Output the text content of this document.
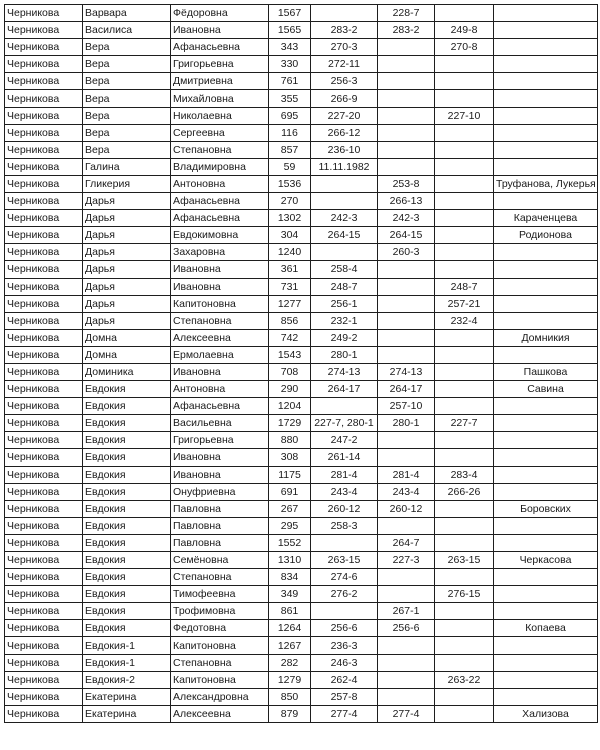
Черникова	Варвара	Фёдоровна	1567		228-7		
Черникова	Василиса	Ивановна	1565	283-2	283-2	249-8	
Черникова	Вера	Афанасьевна	343	270-3		270-8	
Черникова	Вера	Григорьевна	330	272-11			
Черникова	Вера	Дмитриевна	761	256-3			
Черникова	Вера	Михайловна	355	266-9			
Черникова	Вера	Николаевна	695	227-20		227-10	
Черникова	Вера	Сергеевна	116	266-12			
Черникова	Вера	Степановна	857	236-10			
Черникова	Галина	Владимировна	59	11.11.1982			
Черникова	Гликерия	Антоновна	1536		253-8		Труфанова, Лукерья
Черникова	Дарья	Афанасьевна	270		266-13		
Черникова	Дарья	Афанасьевна	1302	242-3	242-3		Караченцева
Черникова	Дарья	Евдокимовна	304	264-15	264-15		Родионова
Черникова	Дарья	Захаровна	1240		260-3		
Черникова	Дарья	Ивановна	361	258-4			
Черникова	Дарья	Ивановна	731	248-7		248-7	
Черникова	Дарья	Капитоновна	1277	256-1		257-21	
Черникова	Дарья	Степановна	856	232-1		232-4	
Черникова	Домна	Алексеевна	742	249-2			Домникия
Черникова	Домна	Ермолаевна	1543	280-1			
Черникова	Доминика	Ивановна	708	274-13	274-13		Пашкова
Черникова	Евдокия	Антоновна	290	264-17	264-17		Савина
Черникова	Евдокия	Афанасьевна	1204		257-10		
Черникова	Евдокия	Васильевна	1729	227-7, 280-1	280-1	227-7	
Черникова	Евдокия	Григорьевна	880	247-2			
Черникова	Евдокия	Ивановна	308	261-14			
Черникова	Евдокия	Ивановна	1175	281-4	281-4	283-4	
Черникова	Евдокия	Онуфриевна	691	243-4	243-4	266-26	
Черникова	Евдокия	Павловна	267	260-12	260-12		Боровских
Черникова	Евдокия	Павловна	295	258-3			
Черникова	Евдокия	Павловна	1552		264-7		
Черникова	Евдокия	Семёновна	1310	263-15	227-3	263-15	Черкасова
Черникова	Евдокия	Степановна	834	274-6			
Черникова	Евдокия	Тимофеевна	349	276-2		276-15	
Черникова	Евдокия	Трофимовна	861		267-1		
Черникова	Евдокия	Федотовна	1264	256-6	256-6		Копаева
Черникова	Евдокия-1	Капитоновна	1267	236-3			
Черникова	Евдокия-1	Степановна	282	246-3			
Черникова	Евдокия-2	Капитоновна	1279	262-4		263-22	
Черникова	Екатерина	Александровна	850	257-8			
Черникова	Екатерина	Алексеевна	879	277-4	277-4		Хализова
